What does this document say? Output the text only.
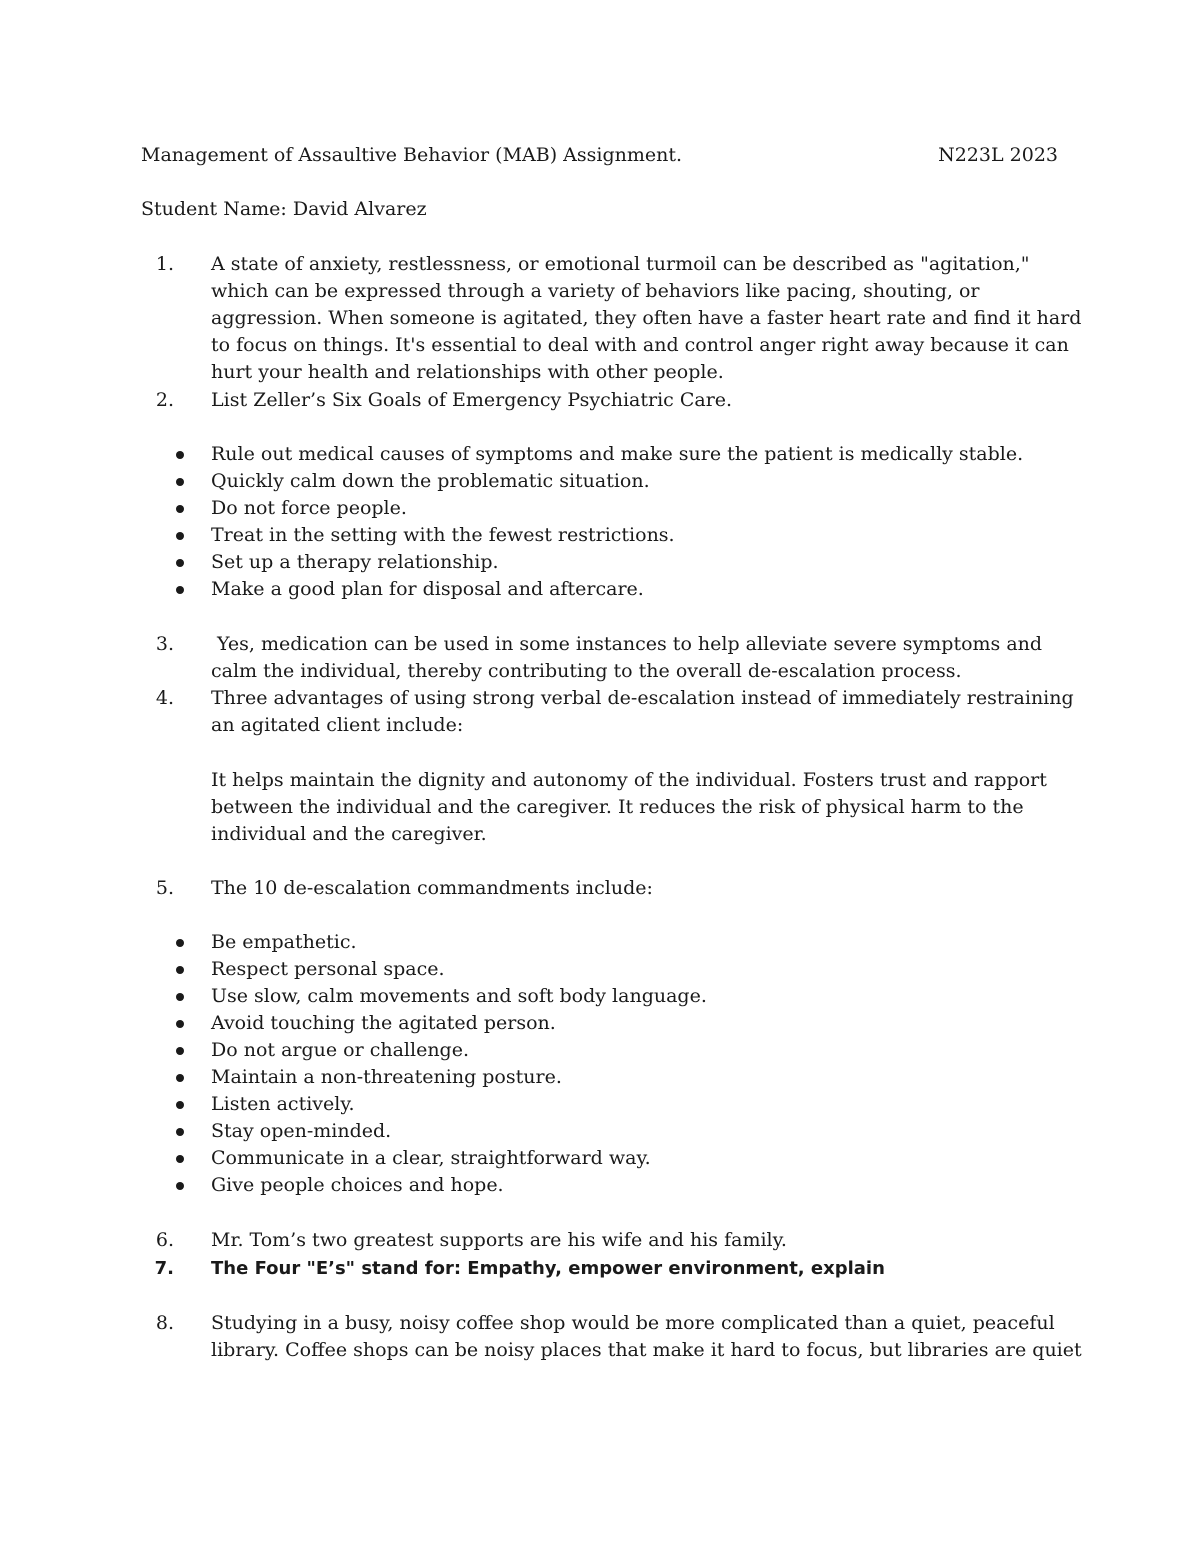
Management of Assaultive Behavior (MAB) Assignment.	N223L 2023
Student Name: David Alvarez
1. A state of anxiety, restlessness, or emotional turmoil can be described as "agitation,"
which can be expressed through a variety of behaviors like pacing, shouting, or
aggression. When someone is agitated, they often have a faster heart rate and find it hard
to focus on things. It's essential to deal with and control anger right away because it can
hurt your health and relationships with other people.
2. List Zeller’s Six Goals of Emergency Psychiatric Care.
Rule out medical causes of symptoms and make sure the patient is medically stable.
Quickly calm down the problematic situation.
Do not force people.
Treat in the setting with the fewest restrictions.
Set up a therapy relationship.
Make a good plan for disposal and aftercare.
3. Yes, medication can be used in some instances to help alleviate severe symptoms and
calm the individual, thereby contributing to the overall de-escalation process.
4. Three advantages of using strong verbal de-escalation instead of immediately restraining
an agitated client include:
It helps maintain the dignity and autonomy of the individual. Fosters trust and rapport
between the individual and the caregiver. It reduces the risk of physical harm to the
individual and the caregiver.
5. The 10 de-escalation commandments include:
Be empathetic.
Respect personal space.
Use slow, calm movements and soft body language.
Avoid touching the agitated person.
Do not argue or challenge.
Maintain a non-threatening posture.
Listen actively.
Stay open-minded.
Communicate in a clear, straightforward way.
Give people choices and hope.
6. Mr. Tom’s two greatest supports are his wife and his family.
7. The Four "E’s" stand for: Empathy, empower environment, explain
8. Studying in a busy, noisy coffee shop would be more complicated than a quiet, peaceful
library. Coffee shops can be noisy places that make it hard to focus, but libraries are quiet
